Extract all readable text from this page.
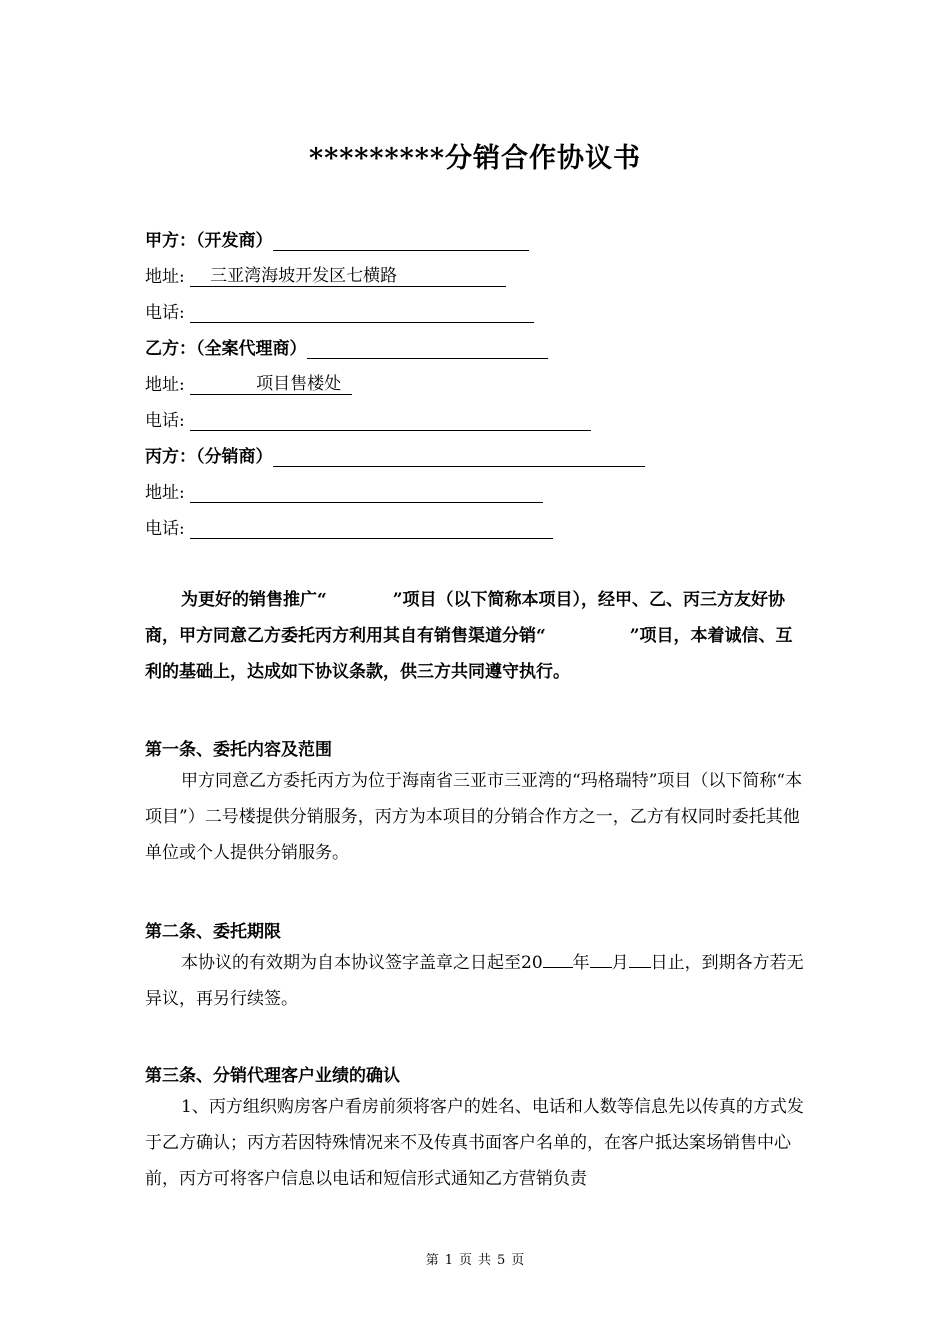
*********分销合作协议书
甲方：（开发商）
地址: 三亚湾海坡开发区七横路
电话:
乙方：（全案代理商）
地址:	项目售楼处
电话:
丙方：（分销商）
地址:
电话:

为更好的销售推广“	”项目（以下简称本项目），经甲、乙、丙三方友好协商，甲方同意乙方委托丙方利用其自有销售渠道分销“	”项目，本着诚信、互利的基础上，达成如下协议条款，供三方共同遵守执行。

第一条、委托内容及范围

甲方同意乙方委托丙方为位于海南省三亚市三亚湾的“玛格瑞特”项目（以下简称“本项目”）二号楼提供分销服务，丙方为本项目的分销合作方之一，乙方有权同时委托其他单位或个人提供分销服务。

第二条、委托期限

本协议的有效期为自本协议签字盖章之日起至20 年 月 日止，到期各方若无异议，再另行续签。

第三条、分销代理客户业绩的确认

1、丙方组织购房客户看房前须将客户的姓名、电话和人数等信息先以传真的方式发于乙方确认；丙方若因特殊情况来不及传真书面客户名单的，在客户抵达案场销售中心前，丙方可将客户信息以电话和短信形式通知乙方营销负责

第 1 页 共 5 页
